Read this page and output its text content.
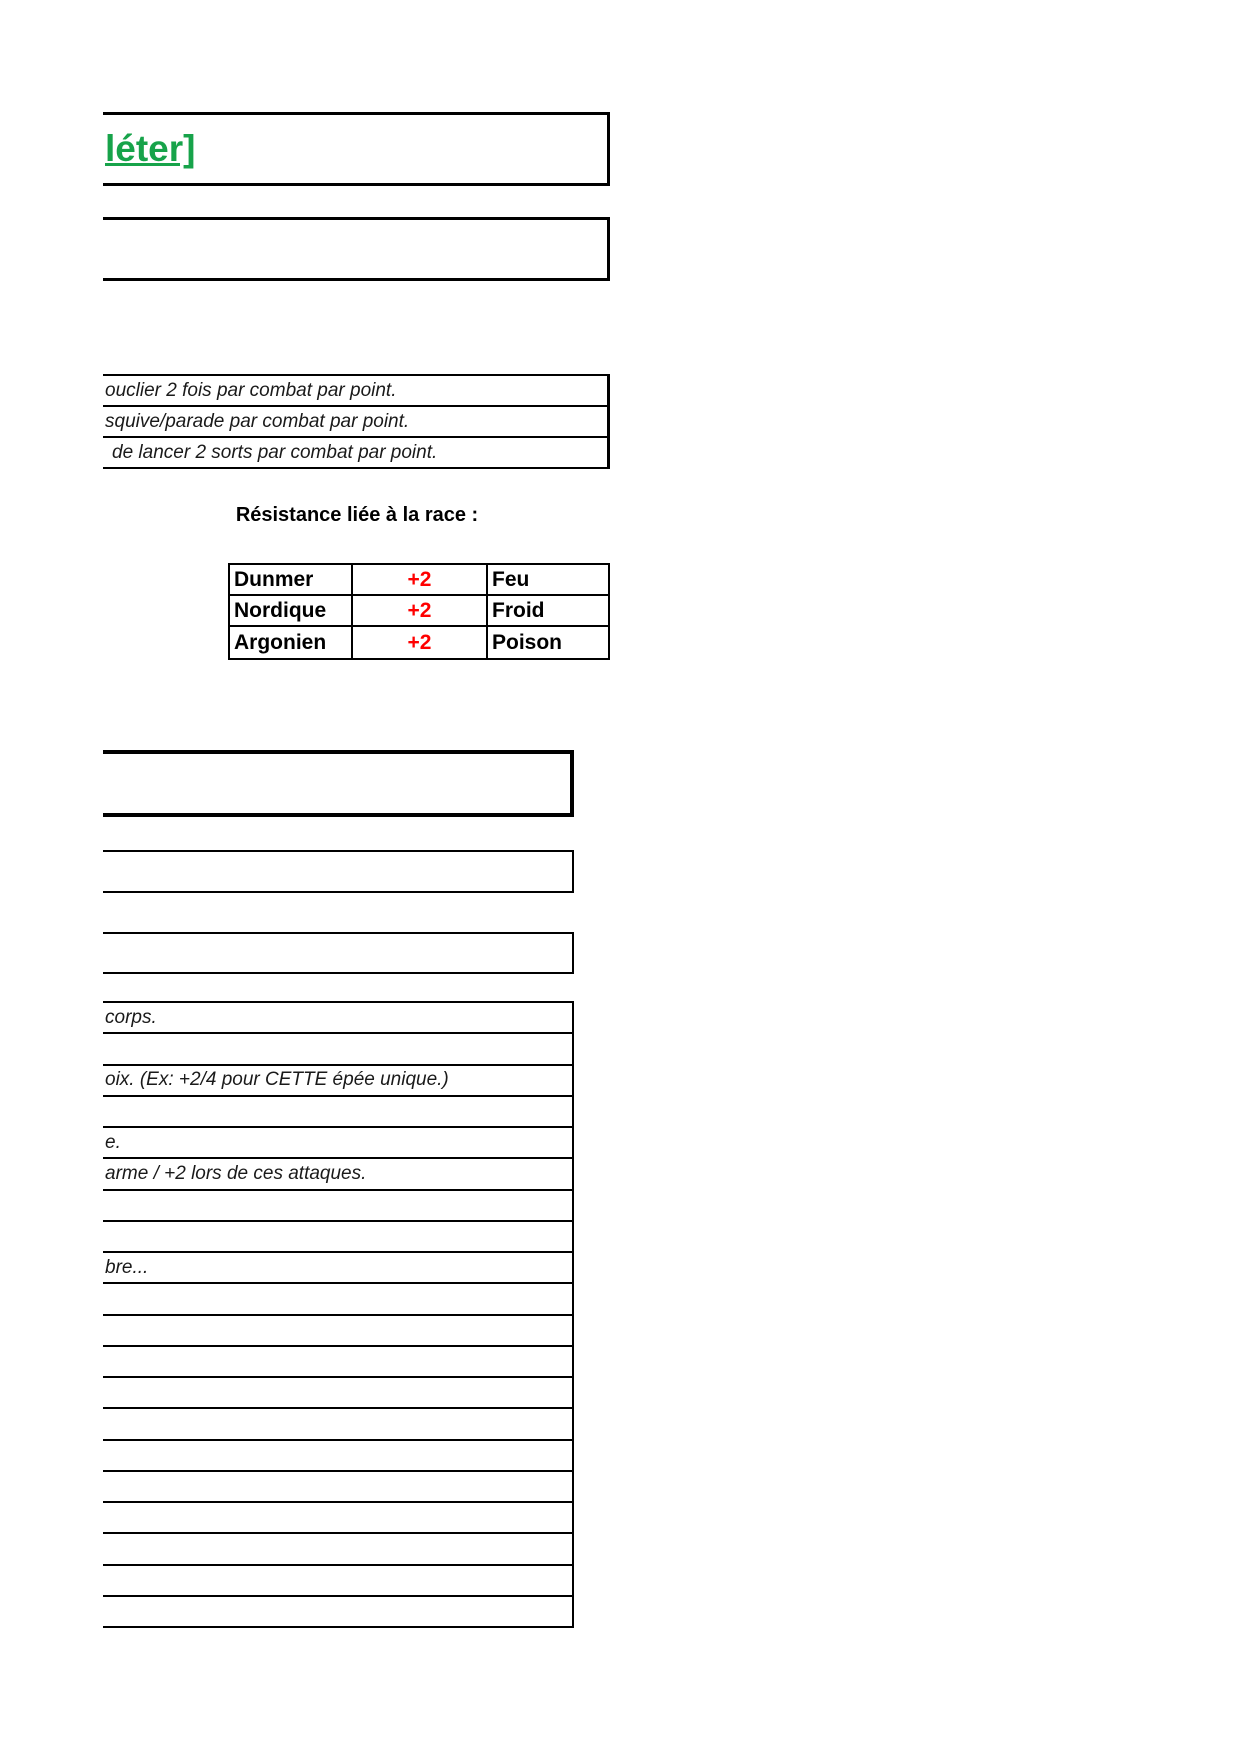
léter]
ouclier 2 fois par combat par point.
squive/parade par combat par point.
de lancer 2 sorts par combat par point.
Résistance liée à la race :
Dunmer	+2	Feu
Nordique	+2	Froid
Argonien	+2	Poison
corps.
oix. (Ex: +2/4 pour CETTE épée unique.)
e.
arme / +2 lors de ces attaques.
bre...
